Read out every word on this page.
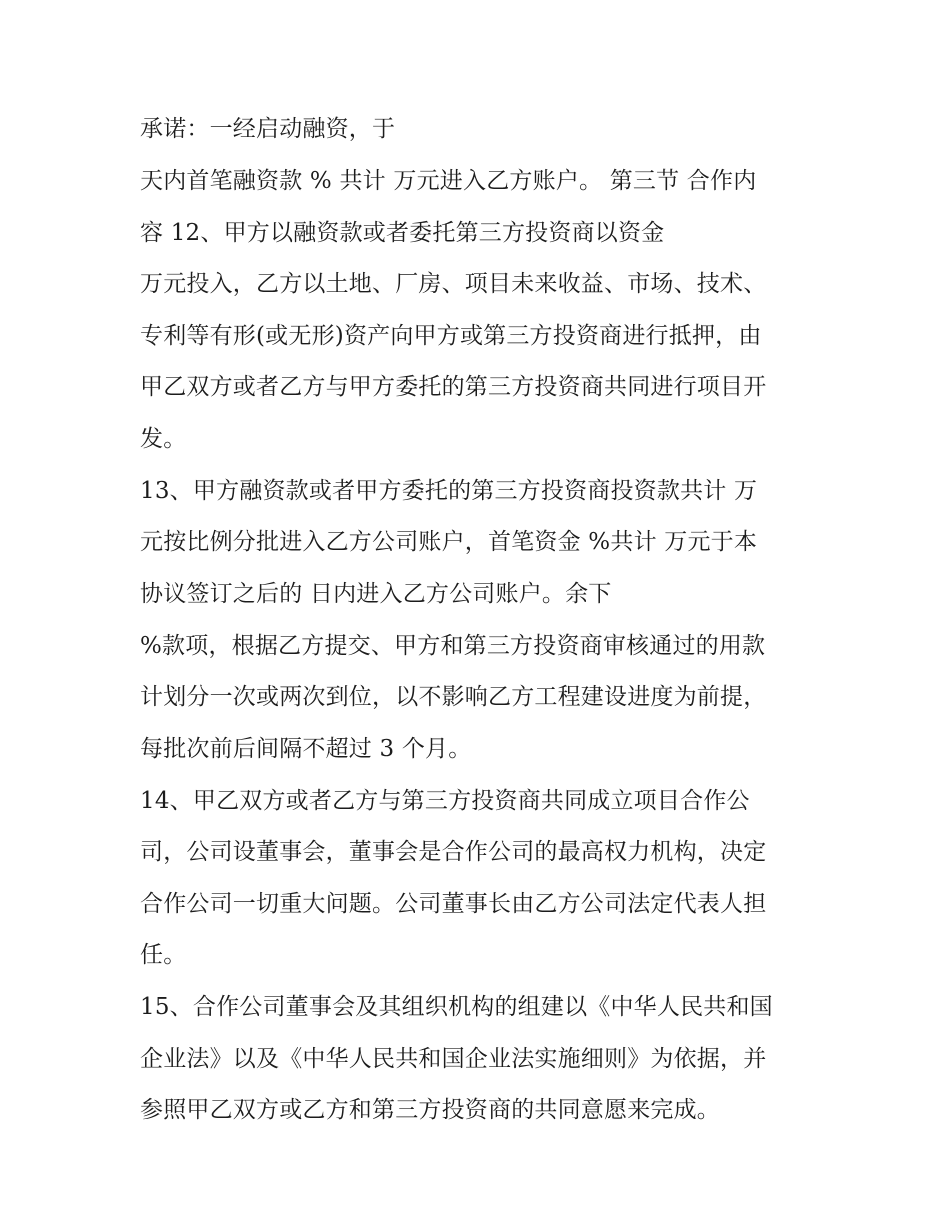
承诺：一经启动融资，于

天内首笔融资款 % 共计 万元进入乙方账户。 第三节 合作内

容 12、甲方以融资款或者委托第三方投资商以资金

万元投入，乙方以土地、厂房、项目未来收益、市场、技术、

专利等有形(或无形)资产向甲方或第三方投资商进行抵押，由

甲乙双方或者乙方与甲方委托的第三方投资商共同进行项目开

发。

13、甲方融资款或者甲方委托的第三方投资商投资款共计 万

元按比例分批进入乙方公司账户，首笔资金 %共计 万元于本

协议签订之后的 日内进入乙方公司账户。余下

%款项，根据乙方提交、甲方和第三方投资商审核通过的用款

计划分一次或两次到位，以不影响乙方工程建设进度为前提，

每批次前后间隔不超过 3 个月。

14、甲乙双方或者乙方与第三方投资商共同成立项目合作公

司，公司设董事会，董事会是合作公司的最高权力机构，决定

合作公司一切重大问题。公司董事长由乙方公司法定代表人担

任。

15、合作公司董事会及其组织机构的组建以《中华人民共和国

企业法》以及《中华人民共和国企业法实施细则》为依据，并

参照甲乙双方或乙方和第三方投资商的共同意愿来完成。
